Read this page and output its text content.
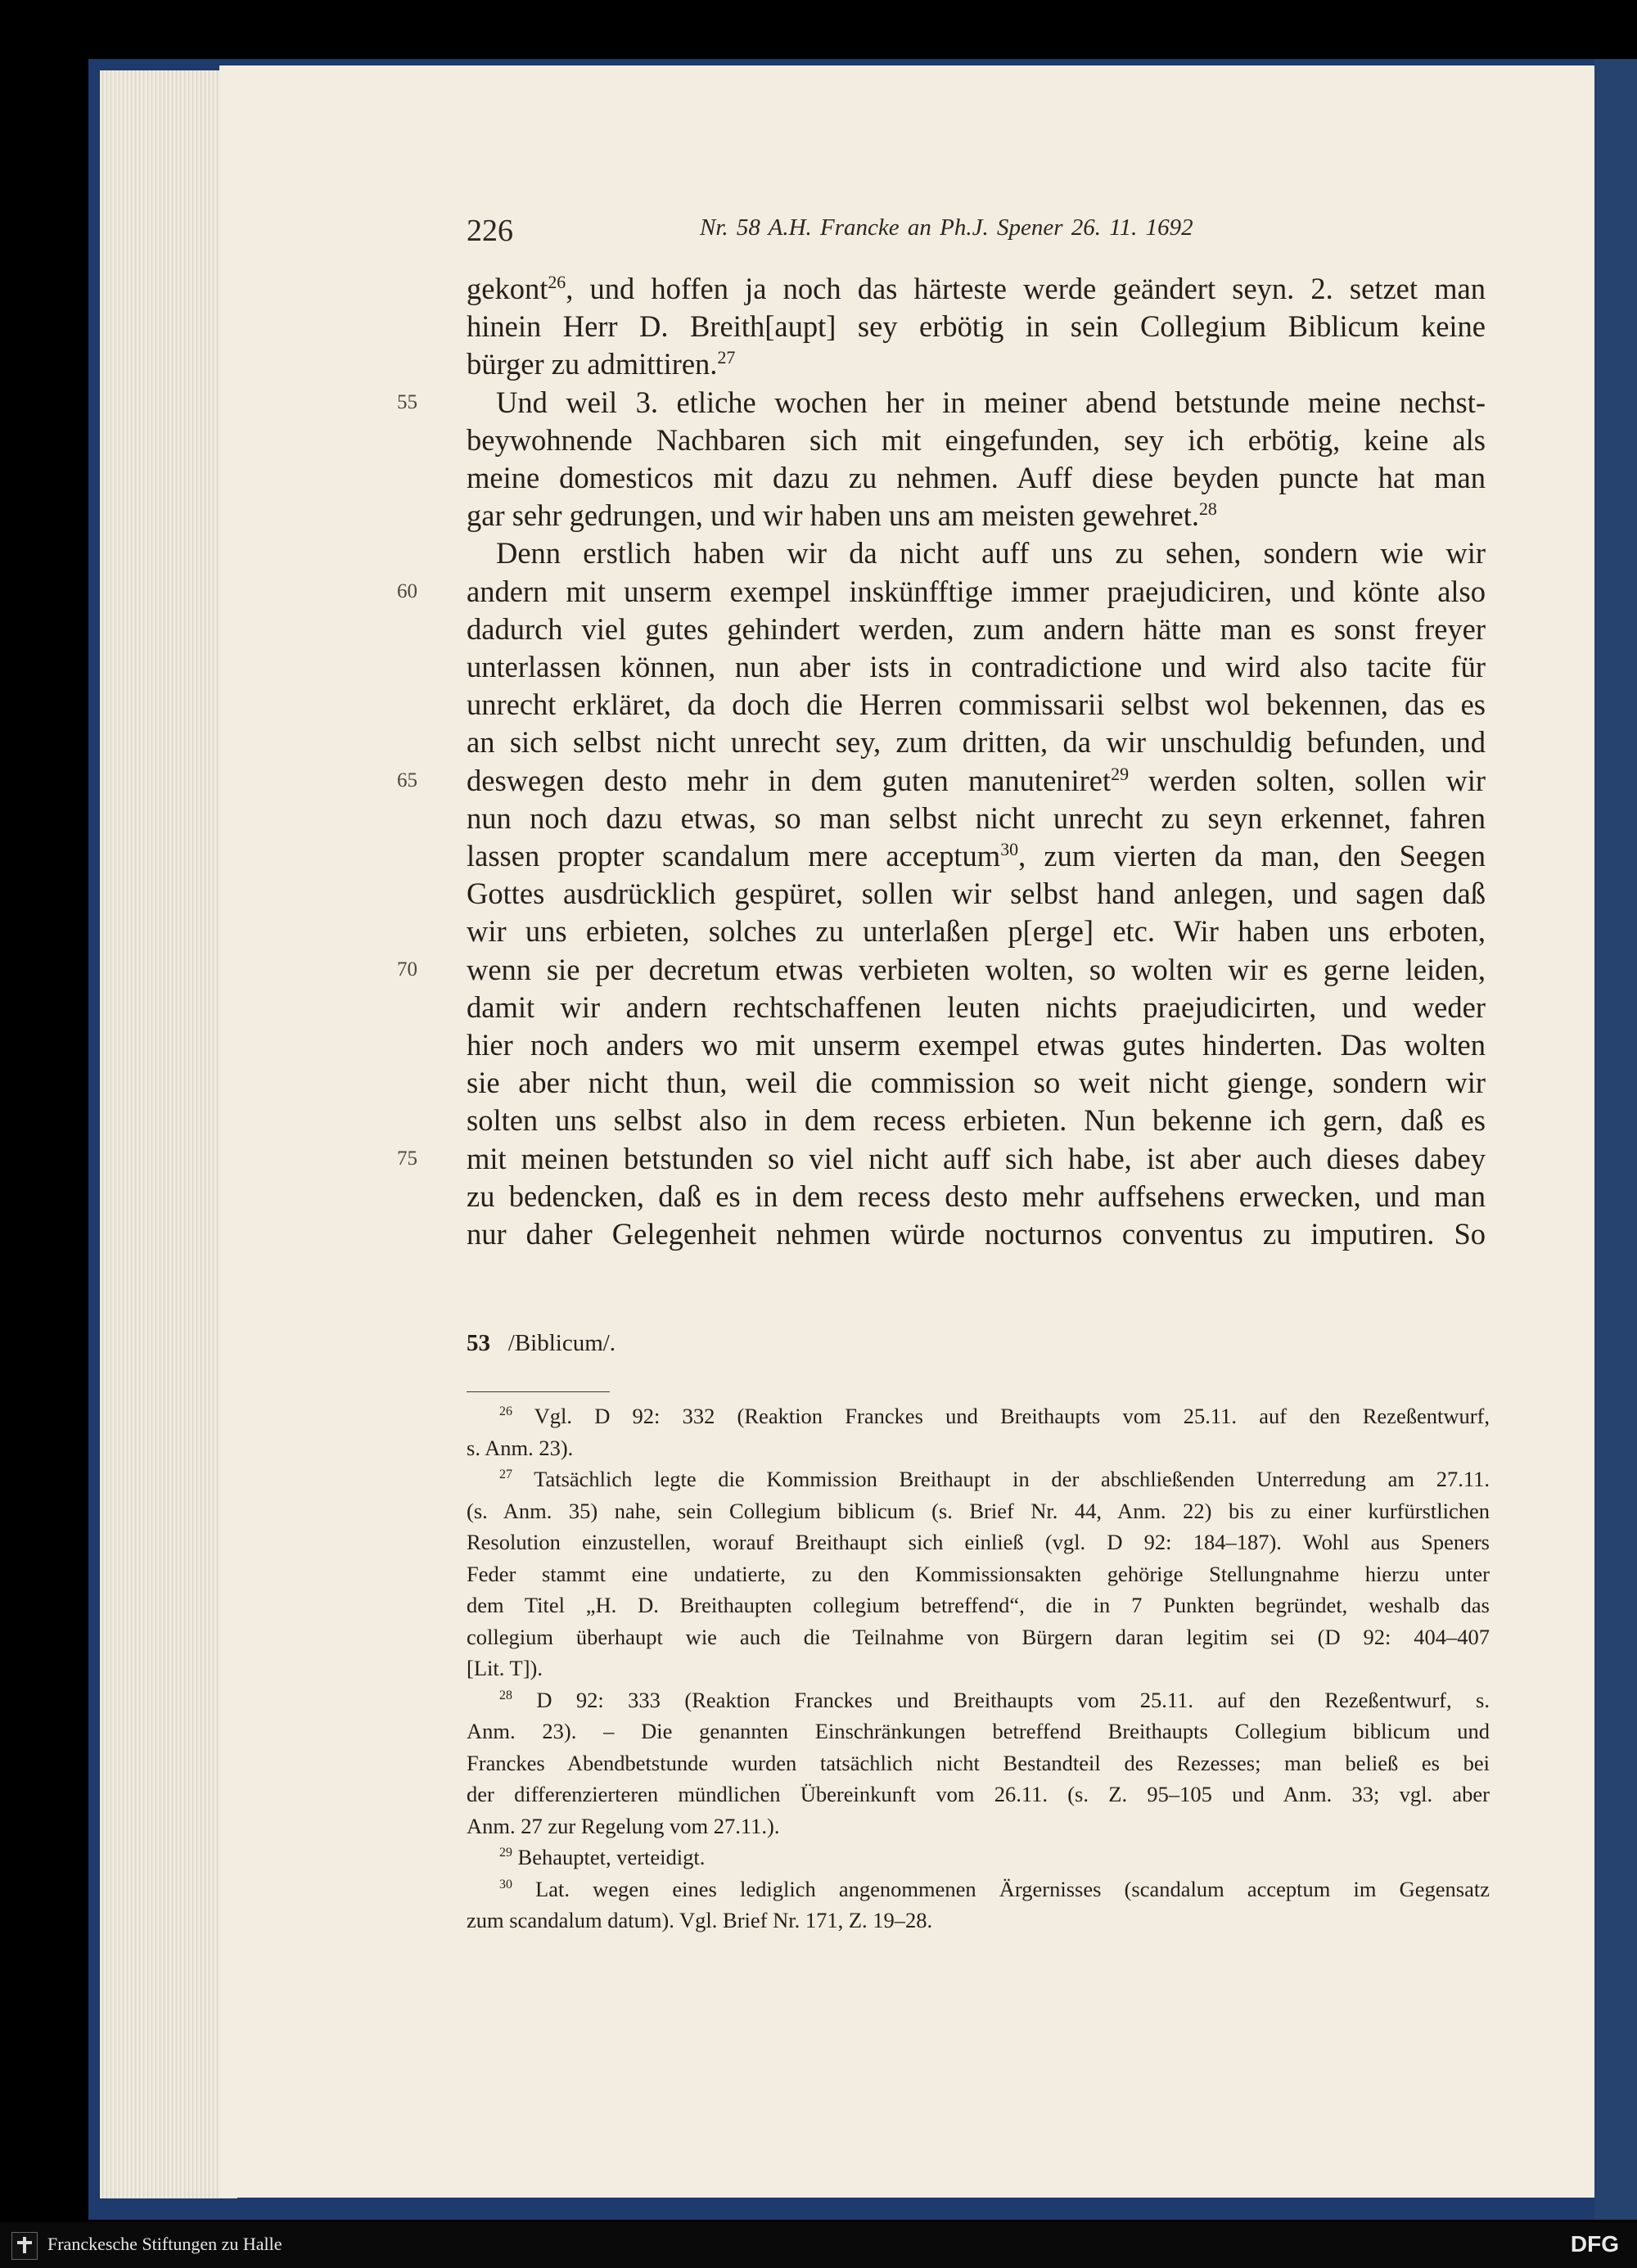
226	Nr. 58 A.H. Francke an Ph.J. Spener 26. 11. 1692
gekont$^{26}$, und hoffen ja noch das härteste werde geändert seyn. 2. setzet man
hinein Herr D. Breith[aupt] sey erbötig in sein Collegium Biblicum keine
bürger zu admittiren.$^{27}$
Und weil 3. etliche wochen her in meiner abend betstunde meine nechst-
55
beywohnende Nachbaren sich mit eingefunden, sey ich erbötig, keine als
meine domesticos mit dazu zu nehmen. Auff diese beyden puncte hat man
gar sehr gedrungen, und wir haben uns am meisten gewehret.$^{28}$
Denn erstlich haben wir da nicht auff uns zu sehen, sondern wie wir
andern mit unserm exempel inskünfftige immer praejudiciren, und könte also
60
dadurch viel gutes gehindert werden, zum andern hätte man es sonst freyer
unterlassen können, nun aber ists in contradictione und wird also tacite für
unrecht erkläret, da doch die Herren commissarii selbst wol bekennen, das es
an sich selbst nicht unrecht sey, zum dritten, da wir unschuldig befunden, und
deswegen desto mehr in dem guten manuteniret$^{29}$ werden solten, sollen wir
65
nun noch dazu etwas, so man selbst nicht unrecht zu seyn erkennet, fahren
lassen propter scandalum mere acceptum$^{30}$, zum vierten da man, den Seegen
Gottes ausdrücklich gespüret, sollen wir selbst hand anlegen, und sagen daß
wir uns erbieten, solches zu unterlaßen p[erge] etc. Wir haben uns erboten,
wenn sie per decretum etwas verbieten wolten, so wolten wir es gerne leiden,
70
damit wir andern rechtschaffenen leuten nichts praejudicirten, und weder
hier noch anders wo mit unserm exempel etwas gutes hinderten. Das wolten
sie aber nicht thun, weil die commission so weit nicht gienge, sondern wir
solten uns selbst also in dem recess erbieten. Nun bekenne ich gern, daß es
mit meinen betstunden so viel nicht auff sich habe, ist aber auch dieses dabey
75
zu bedencken, daß es in dem recess desto mehr auffsehens erwecken, und man
nur daher Gelegenheit nehmen würde nocturnos conventus zu imputiren. So
53 /Biblicum/.
$^{26}$ Vgl. D 92: 332 (Reaktion Franckes und Breithaupts vom 25.11. auf den Rezeßentwurf,
s. Anm. 23).
$^{27}$ Tatsächlich legte die Kommission Breithaupt in der abschließenden Unterredung am 27.11.
(s. Anm. 35) nahe, sein Collegium biblicum (s. Brief Nr. 44, Anm. 22) bis zu einer kurfürstlichen
Resolution einzustellen, worauf Breithaupt sich einließ (vgl. D 92: 184–187). Wohl aus Speners
Feder stammt eine undatierte, zu den Kommissionsakten gehörige Stellungnahme hierzu unter
dem Titel „H. D. Breithaupten collegium betreffend“, die in 7 Punkten begründet, weshalb das
collegium überhaupt wie auch die Teilnahme von Bürgern daran legitim sei (D 92: 404–407
[Lit. T]).
$^{28}$ D 92: 333 (Reaktion Franckes und Breithaupts vom 25.11. auf den Rezeßentwurf, s.
Anm. 23). – Die genannten Einschränkungen betreffend Breithaupts Collegium biblicum und
Franckes Abendbetstunde wurden tatsächlich nicht Bestandteil des Rezesses; man beließ es bei
der differenzierteren mündlichen Übereinkunft vom 26.11. (s. Z. 95–105 und Anm. 33; vgl. aber
Anm. 27 zur Regelung vom 27.11.).
$^{29}$ Behauptet, verteidigt.
$^{30}$ Lat. wegen eines lediglich angenommenen Ärgernisses (scandalum acceptum im Gegensatz
zum scandalum datum). Vgl. Brief Nr. 171, Z. 19–28.
Franckesche Stiftungen zu Halle	DFG
